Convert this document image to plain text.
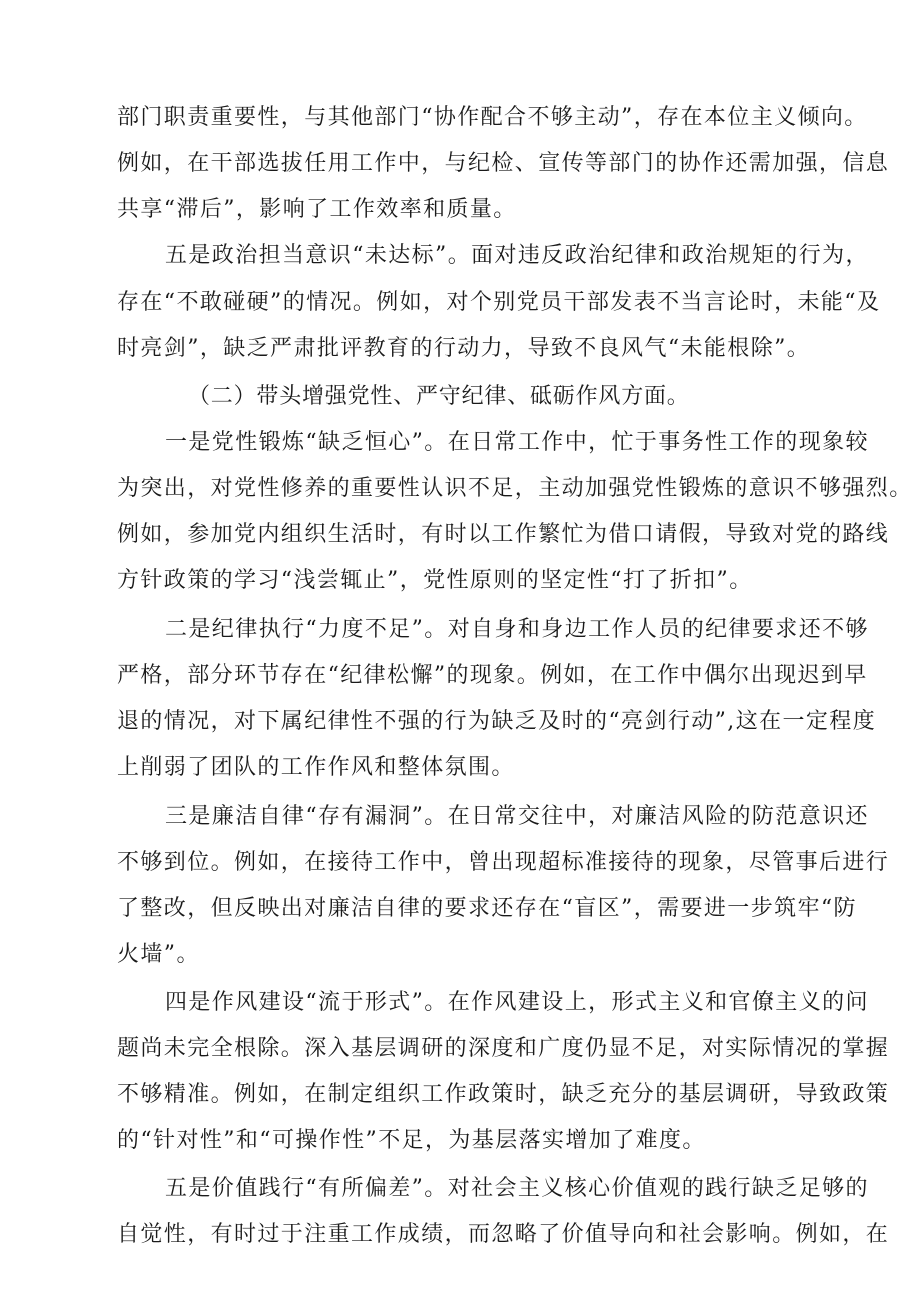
部门职责重要性，与其他部门“协作配合不够主动”，存在本位主义倾向。
例如，在干部选拔任用工作中，与纪检、宣传等部门的协作还需加强，信息
共享“滞后”，影响了工作效率和质量。
五是政治担当意识“未达标”。面对违反政治纪律和政治规矩的行为，
存在“不敢碰硬”的情况。例如，对个别党员干部发表不当言论时，未能“及
时亮剑”，缺乏严肃批评教育的行动力，导致不良风气“未能根除”。
（二）带头增强党性、严守纪律、砥砺作风方面。
一是党性锻炼“缺乏恒心”。在日常工作中，忙于事务性工作的现象较
为突出，对党性修养的重要性认识不足，主动加强党性锻炼的意识不够强烈。
例如，参加党内组织生活时，有时以工作繁忙为借口请假，导致对党的路线
方针政策的学习“浅尝辄止”，党性原则的坚定性“打了折扣”。
二是纪律执行“力度不足”。对自身和身边工作人员的纪律要求还不够
严格，部分环节存在“纪律松懈”的现象。例如，在工作中偶尔出现迟到早
退的情况，对下属纪律性不强的行为缺乏及时的“亮剑行动”,这在一定程度
上削弱了团队的工作作风和整体氛围。
三是廉洁自律“存有漏洞”。在日常交往中，对廉洁风险的防范意识还
不够到位。例如，在接待工作中，曾出现超标准接待的现象，尽管事后进行
了整改，但反映出对廉洁自律的要求还存在“盲区”，需要进一步筑牢“防
火墙”。
四是作风建设“流于形式”。在作风建设上，形式主义和官僚主义的问
题尚未完全根除。深入基层调研的深度和广度仍显不足，对实际情况的掌握
不够精准。例如，在制定组织工作政策时，缺乏充分的基层调研，导致政策
的“针对性”和“可操作性”不足，为基层落实增加了难度。
五是价值践行“有所偏差”。对社会主义核心价值观的践行缺乏足够的
自觉性，有时过于注重工作成绩，而忽略了价值导向和社会影响。例如，在
